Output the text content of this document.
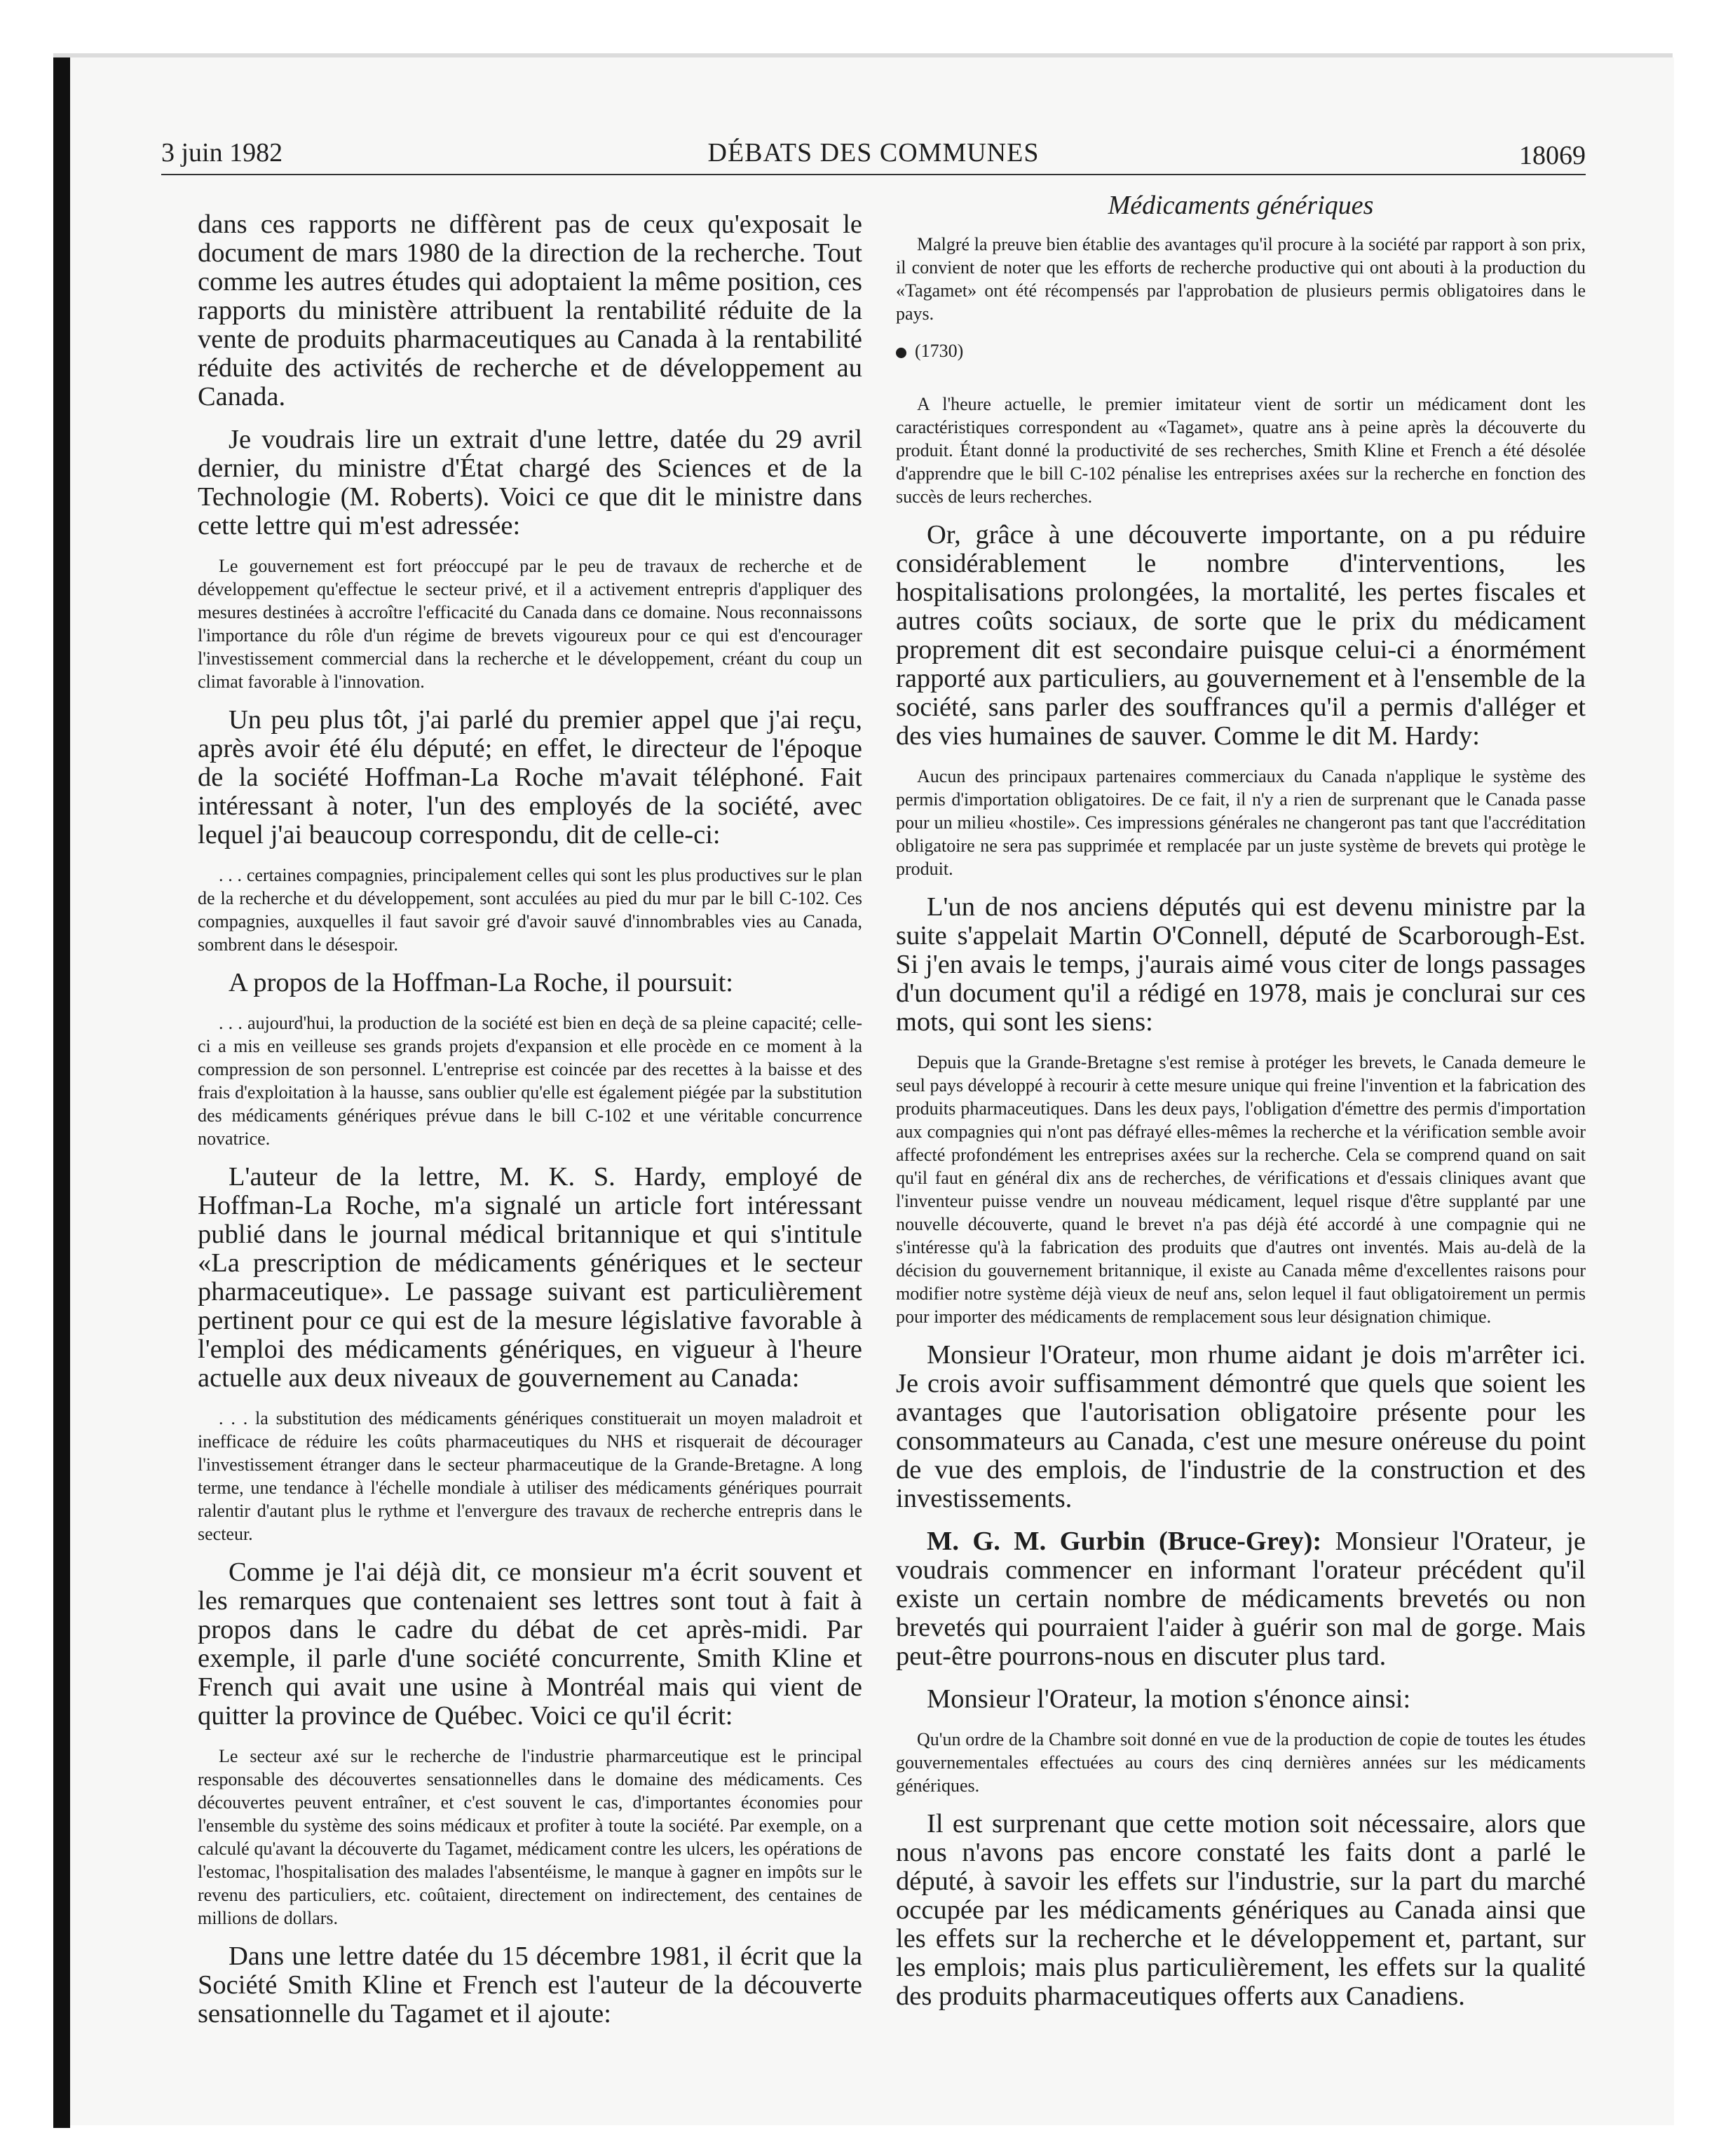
3 juin 1982	DÉBATS DES COMMUNES	18069

dans ces rapports ne diffèrent pas de ceux qu'exposait le document de mars 1980 de la direction de la recherche. Tout comme les autres études qui adoptaient la même position, ces rapports du ministère attribuent la rentabilité réduite de la vente de produits pharmaceutiques au Canada à la rentabilité réduite des activités de recherche et de développement au Canada.

Je voudrais lire un extrait d'une lettre, datée du 29 avril dernier, du ministre d'État chargé des Sciences et de la Technologie (M. Roberts). Voici ce que dit le ministre dans cette lettre qui m'est adressée:

Le gouvernement est fort préoccupé par le peu de travaux de recherche et de développement qu'effectue le secteur privé, et il a activement entrepris d'appliquer des mesures destinées à accroître l'efficacité du Canada dans ce domaine. Nous reconnaissons l'importance du rôle d'un régime de brevets vigoureux pour ce qui est d'encourager l'investissement commercial dans la recherche et le développement, créant du coup un climat favorable à l'innovation.

Un peu plus tôt, j'ai parlé du premier appel que j'ai reçu, après avoir été élu député; en effet, le directeur de l'époque de la société Hoffman-La Roche m'avait téléphoné. Fait intéressant à noter, l'un des employés de la société, avec lequel j'ai beaucoup correspondu, dit de celle-ci:

. . . certaines compagnies, principalement celles qui sont les plus productives sur le plan de la recherche et du développement, sont acculées au pied du mur par le bill C-102. Ces compagnies, auxquelles il faut savoir gré d'avoir sauvé d'innombrables vies au Canada, sombrent dans le désespoir.

A propos de la Hoffman-La Roche, il poursuit:

. . . aujourd'hui, la production de la société est bien en deçà de sa pleine capacité; celle-ci a mis en veilleuse ses grands projets d'expansion et elle procède en ce moment à la compression de son personnel. L'entreprise est coincée par des recettes à la baisse et des frais d'exploitation à la hausse, sans oublier qu'elle est également piégée par la substitution des médicaments génériques prévue dans le bill C-102 et une véritable concurrence novatrice.

L'auteur de la lettre, M. K. S. Hardy, employé de Hoffman-La Roche, m'a signalé un article fort intéressant publié dans le journal médical britannique et qui s'intitule «La prescription de médicaments génériques et le secteur pharmaceutique». Le passage suivant est particulièrement pertinent pour ce qui est de la mesure législative favorable à l'emploi des médicaments génériques, en vigueur à l'heure actuelle aux deux niveaux de gouvernement au Canada:

. . . la substitution des médicaments génériques constituerait un moyen maladroit et inefficace de réduire les coûts pharmaceutiques du NHS et risquerait de décourager l'investissement étranger dans le secteur pharmaceutique de la Grande-Bretagne. A long terme, une tendance à l'échelle mondiale à utiliser des médicaments génériques pourrait ralentir d'autant plus le rythme et l'envergure des travaux de recherche entrepris dans le secteur.

Comme je l'ai déjà dit, ce monsieur m'a écrit souvent et les remarques que contenaient ses lettres sont tout à fait à propos dans le cadre du débat de cet après-midi. Par exemple, il parle d'une société concurrente, Smith Kline et French qui avait une usine à Montréal mais qui vient de quitter la province de Québec. Voici ce qu'il écrit:

Le secteur axé sur le recherche de l'industrie pharmarceutique est le principal responsable des découvertes sensationnelles dans le domaine des médicaments. Ces découvertes peuvent entraîner, et c'est souvent le cas, d'importantes économies pour l'ensemble du système des soins médicaux et profiter à toute la société. Par exemple, on a calculé qu'avant la découverte du Tagamet, médicament contre les ulcers, les opérations de l'estomac, l'hospitalisation des malades l'absentéisme, le manque à gagner en impôts sur le revenu des particuliers, etc. coûtaient, directement on indirectement, des centaines de millions de dollars.

Dans une lettre datée du 15 décembre 1981, il écrit que la Société Smith Kline et French est l'auteur de la découverte sensationnelle du Tagamet et il ajoute:

Médicaments génériques

Malgré la preuve bien établie des avantages qu'il procure à la société par rapport à son prix, il convient de noter que les efforts de recherche productive qui ont abouti à la production du «Tagamet» ont été récompensés par l'approbation de plusieurs permis obligatoires dans le pays.

(1730)

A l'heure actuelle, le premier imitateur vient de sortir un médicament dont les caractéristiques correspondent au «Tagamet», quatre ans à peine après la découverte du produit. Étant donné la productivité de ses recherches, Smith Kline et French a été désolée d'apprendre que le bill C-102 pénalise les entreprises axées sur la recherche en fonction des succès de leurs recherches.

Or, grâce à une découverte importante, on a pu réduire considérablement le nombre d'interventions, les hospitalisations prolongées, la mortalité, les pertes fiscales et autres coûts sociaux, de sorte que le prix du médicament proprement dit est secondaire puisque celui-ci a énormément rapporté aux particuliers, au gouvernement et à l'ensemble de la société, sans parler des souffrances qu'il a permis d'alléger et des vies humaines de sauver. Comme le dit M. Hardy:

Aucun des principaux partenaires commerciaux du Canada n'applique le système des permis d'importation obligatoires. De ce fait, il n'y a rien de surprenant que le Canada passe pour un milieu «hostile». Ces impressions générales ne changeront pas tant que l'accréditation obligatoire ne sera pas supprimée et remplacée par un juste système de brevets qui protège le produit.

L'un de nos anciens députés qui est devenu ministre par la suite s'appelait Martin O'Connell, député de Scarborough-Est. Si j'en avais le temps, j'aurais aimé vous citer de longs passages d'un document qu'il a rédigé en 1978, mais je conclurai sur ces mots, qui sont les siens:

Depuis que la Grande-Bretagne s'est remise à protéger les brevets, le Canada demeure le seul pays développé à recourir à cette mesure unique qui freine l'invention et la fabrication des produits pharmaceutiques. Dans les deux pays, l'obligation d'émettre des permis d'importation aux compagnies qui n'ont pas défrayé elles-mêmes la recherche et la vérification semble avoir affecté profondément les entreprises axées sur la recherche. Cela se comprend quand on sait qu'il faut en général dix ans de recherches, de vérifications et d'essais cliniques avant que l'inventeur puisse vendre un nouveau médicament, lequel risque d'être supplanté par une nouvelle découverte, quand le brevet n'a pas déjà été accordé à une compagnie qui ne s'intéresse qu'à la fabrication des produits que d'autres ont inventés. Mais au-delà de la décision du gouvernement britannique, il existe au Canada même d'excellentes raisons pour modifier notre système déjà vieux de neuf ans, selon lequel il faut obligatoirement un permis pour importer des médicaments de remplacement sous leur désignation chimique.

Monsieur l'Orateur, mon rhume aidant je dois m'arrêter ici. Je crois avoir suffisamment démontré que quels que soient les avantages que l'autorisation obligatoire présente pour les consommateurs au Canada, c'est une mesure onéreuse du point de vue des emplois, de l'industrie de la construction et des investissements.

M. G. M. Gurbin (Bruce-Grey): Monsieur l'Orateur, je voudrais commencer en informant l'orateur précédent qu'il existe un certain nombre de médicaments brevetés ou non brevetés qui pourraient l'aider à guérir son mal de gorge. Mais peut-être pourrons-nous en discuter plus tard.

Monsieur l'Orateur, la motion s'énonce ainsi:

Qu'un ordre de la Chambre soit donné en vue de la production de copie de toutes les études gouvernementales effectuées au cours des cinq dernières années sur les médicaments génériques.

Il est surprenant que cette motion soit nécessaire, alors que nous n'avons pas encore constaté les faits dont a parlé le député, à savoir les effets sur l'industrie, sur la part du marché occupée par les médicaments génériques au Canada ainsi que les effets sur la recherche et le développement et, partant, sur les emplois; mais plus particulièrement, les effets sur la qualité des produits pharmaceutiques offerts aux Canadiens.
